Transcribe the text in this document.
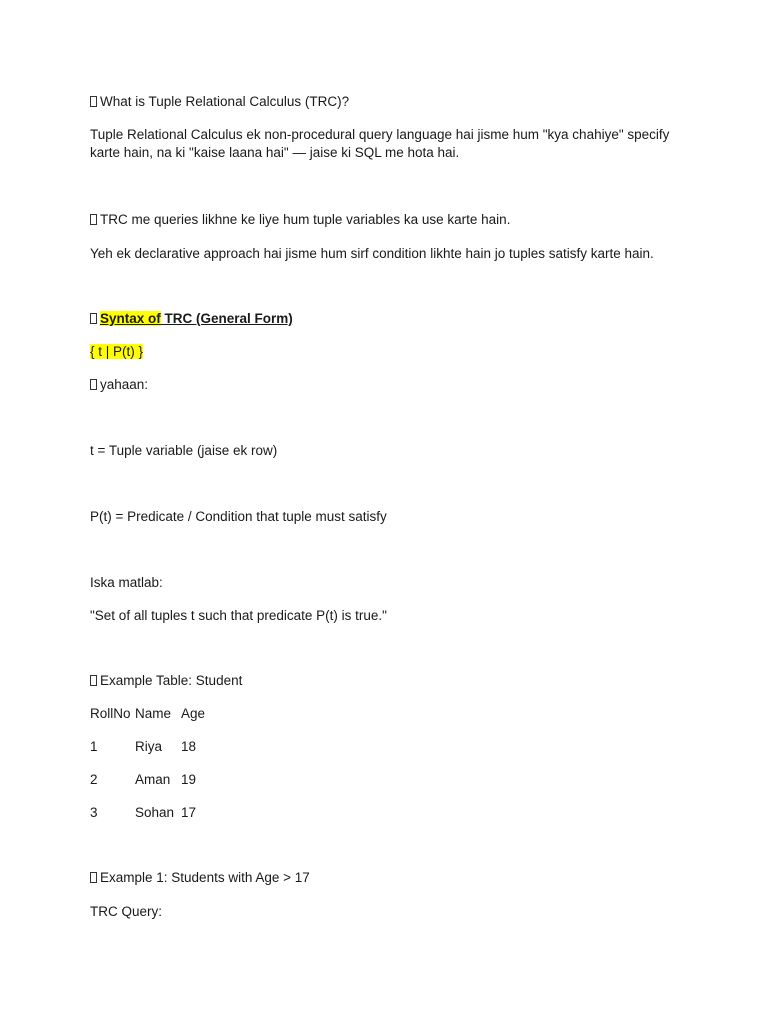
What is Tuple Relational Calculus (TRC)?
Tuple Relational Calculus ek non-procedural query language hai jisme hum "kya chahiye" specify karte hain, na ki "kaise laana hai" — jaise ki SQL me hota hai.
TRC me queries likhne ke liye hum tuple variables ka use karte hain.
Yeh ek declarative approach hai jisme hum sirf condition likhte hain jo tuples satisfy karte hain.
Syntax of TRC (General Form)
{ t | P(t) }
yahaan:
t = Tuple variable (jaise ek row)
P(t) = Predicate / Condition that tuple must satisfy
Iska matlab:
"Set of all tuples t such that predicate P(t) is true."
Example Table: Student
RollNo Name Age
1	Riya 18
2	Aman 19
3	Sohan 17
Example 1: Students with Age > 17
TRC Query:
